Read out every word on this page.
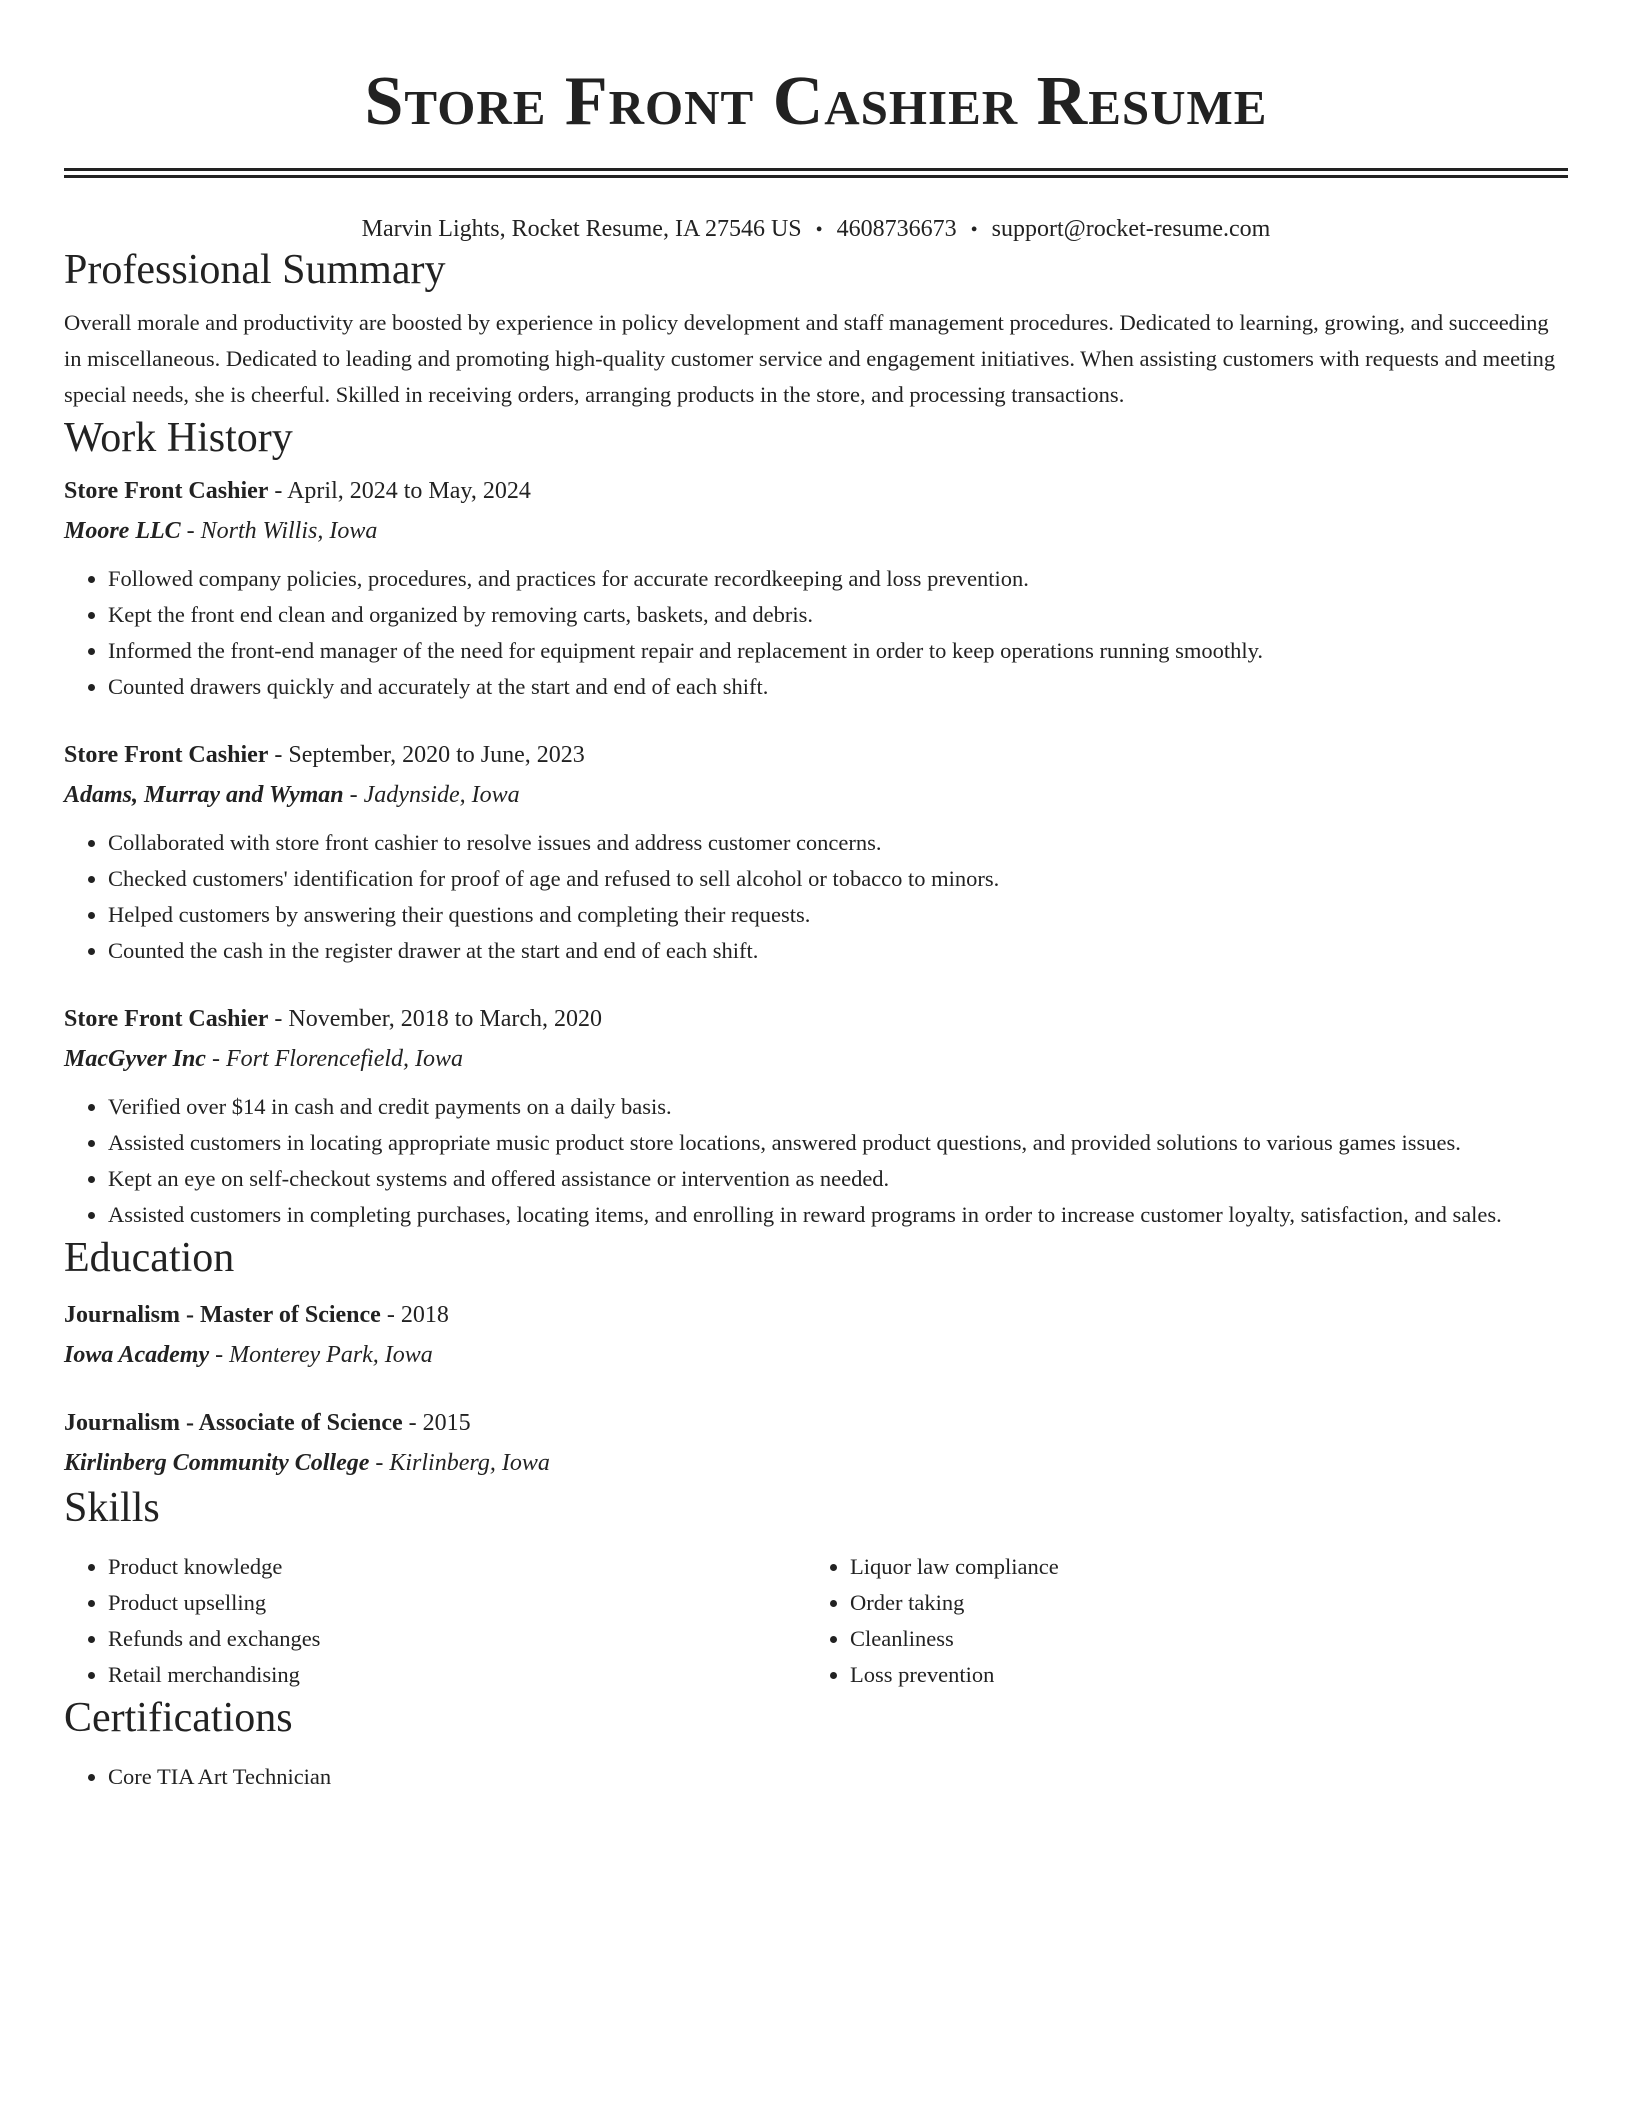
Store Front Cashier Resume
Marvin Lights, Rocket Resume, IA 27546 US • 4608736673 • support@rocket-resume.com
Professional Summary
Overall morale and productivity are boosted by experience in policy development and staff management procedures. Dedicated to learning, growing, and succeeding in miscellaneous. Dedicated to leading and promoting high-quality customer service and engagement initiatives. When assisting customers with requests and meeting special needs, she is cheerful. Skilled in receiving orders, arranging products in the store, and processing transactions.
Work History
Store Front Cashier - April, 2024 to May, 2024
Moore LLC - North Willis, Iowa
• Followed company policies, procedures, and practices for accurate recordkeeping and loss prevention.
• Kept the front end clean and organized by removing carts, baskets, and debris.
• Informed the front-end manager of the need for equipment repair and replacement in order to keep operations running smoothly.
• Counted drawers quickly and accurately at the start and end of each shift.
Store Front Cashier - September, 2020 to June, 2023
Adams, Murray and Wyman - Jadynside, Iowa
• Collaborated with store front cashier to resolve issues and address customer concerns.
• Checked customers' identification for proof of age and refused to sell alcohol or tobacco to minors.
• Helped customers by answering their questions and completing their requests.
• Counted the cash in the register drawer at the start and end of each shift.
Store Front Cashier - November, 2018 to March, 2020
MacGyver Inc - Fort Florencefield, Iowa
• Verified over $14 in cash and credit payments on a daily basis.
• Assisted customers in locating appropriate music product store locations, answered product questions, and provided solutions to various games issues.
• Kept an eye on self-checkout systems and offered assistance or intervention as needed.
• Assisted customers in completing purchases, locating items, and enrolling in reward programs in order to increase customer loyalty, satisfaction, and sales.
Education
Journalism - Master of Science - 2018
Iowa Academy - Monterey Park, Iowa
Journalism - Associate of Science - 2015
Kirlinberg Community College - Kirlinberg, Iowa
Skills
• Product knowledge
• Product upselling
• Refunds and exchanges
• Retail merchandising
• Liquor law compliance
• Order taking
• Cleanliness
• Loss prevention
Certifications
• Core TIA Art Technician
